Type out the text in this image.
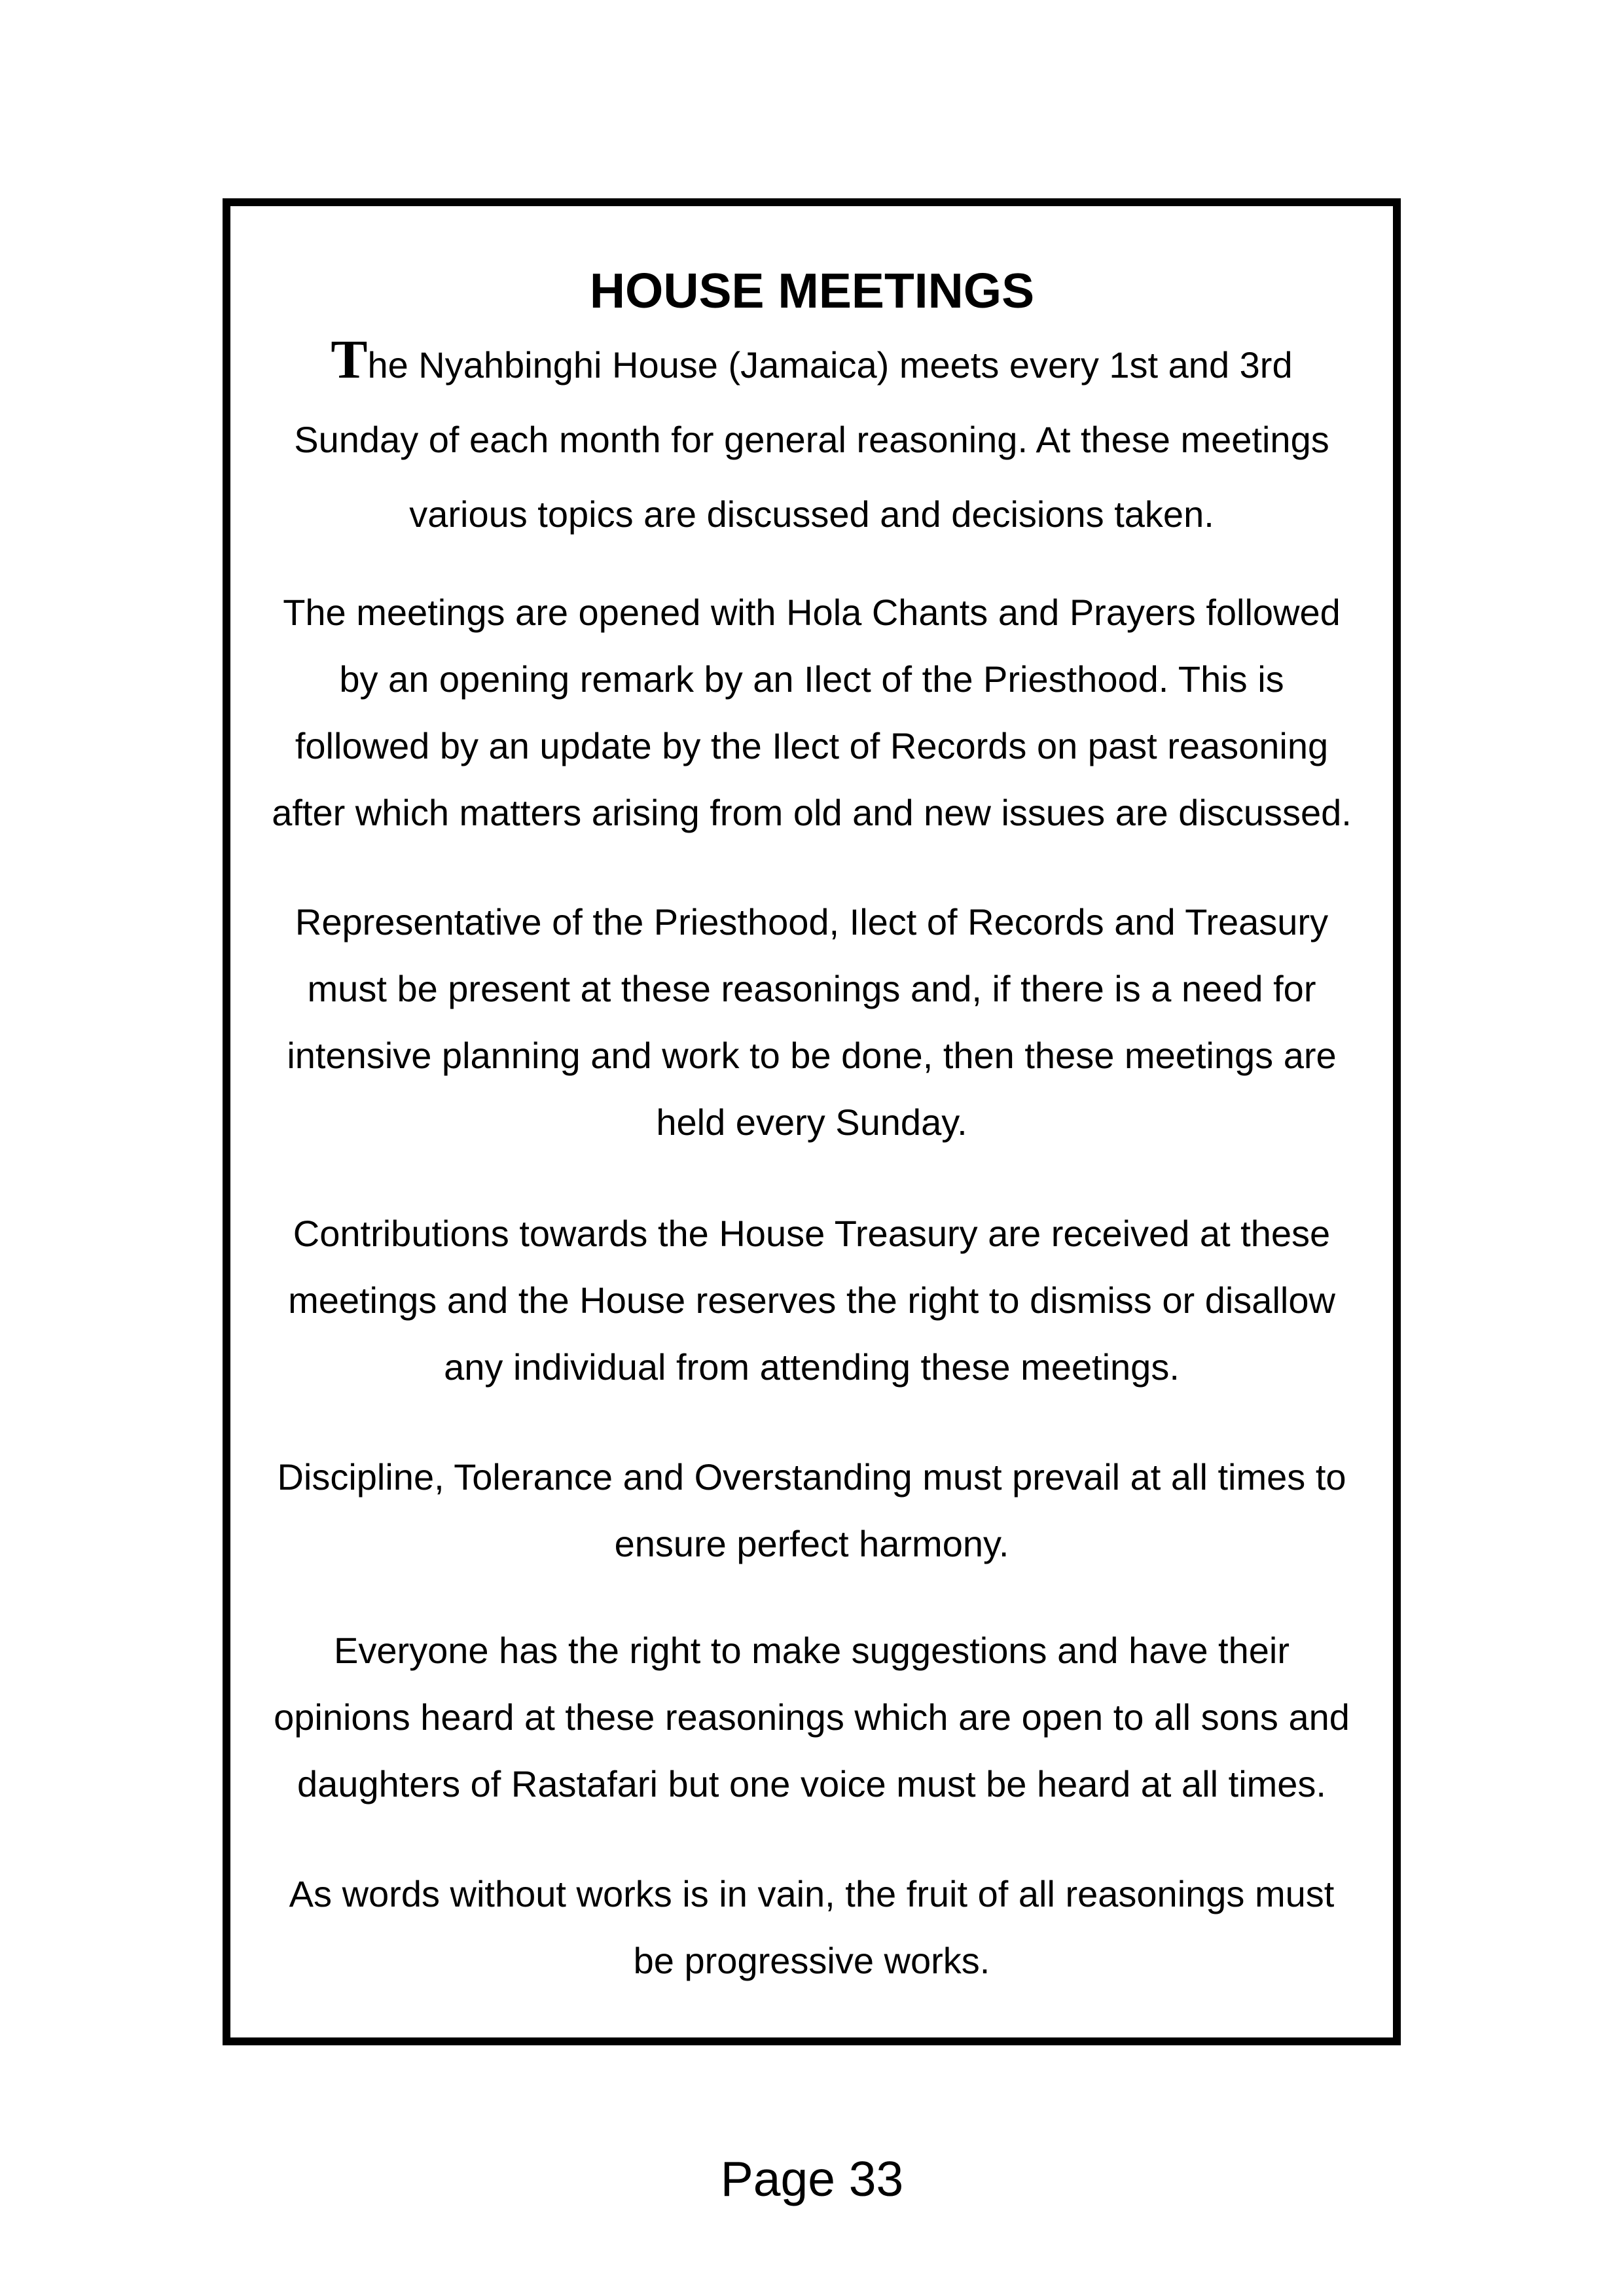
HOUSE MEETINGS
The Nyahbinghi House (Jamaica) meets every 1st and 3rd
Sunday of each month for general reasoning. At these meetings
various topics are discussed and decisions taken.
The meetings are opened with Hola Chants and Prayers followed
by an opening remark by an Ilect of the Priesthood. This is
followed by an update by the Ilect of Records on past reasoning
after which matters arising from old and new issues are discussed.
Representative of the Priesthood, Ilect of Records and Treasury
must be present at these reasonings and, if there is a need for
intensive planning and work to be done, then these meetings are
held every Sunday.
Contributions towards the House Treasury are received at these
meetings and the House reserves the right to dismiss or disallow
any individual from attending these meetings.
Discipline, Tolerance and Overstanding must prevail at all times to
ensure perfect harmony.
Everyone has the right to make suggestions and have their
opinions heard at these reasonings which are open to all sons and
daughters of Rastafari but one voice must be heard at all times.
As words without works is in vain, the fruit of all reasonings must
be progressive works.
Page 33
